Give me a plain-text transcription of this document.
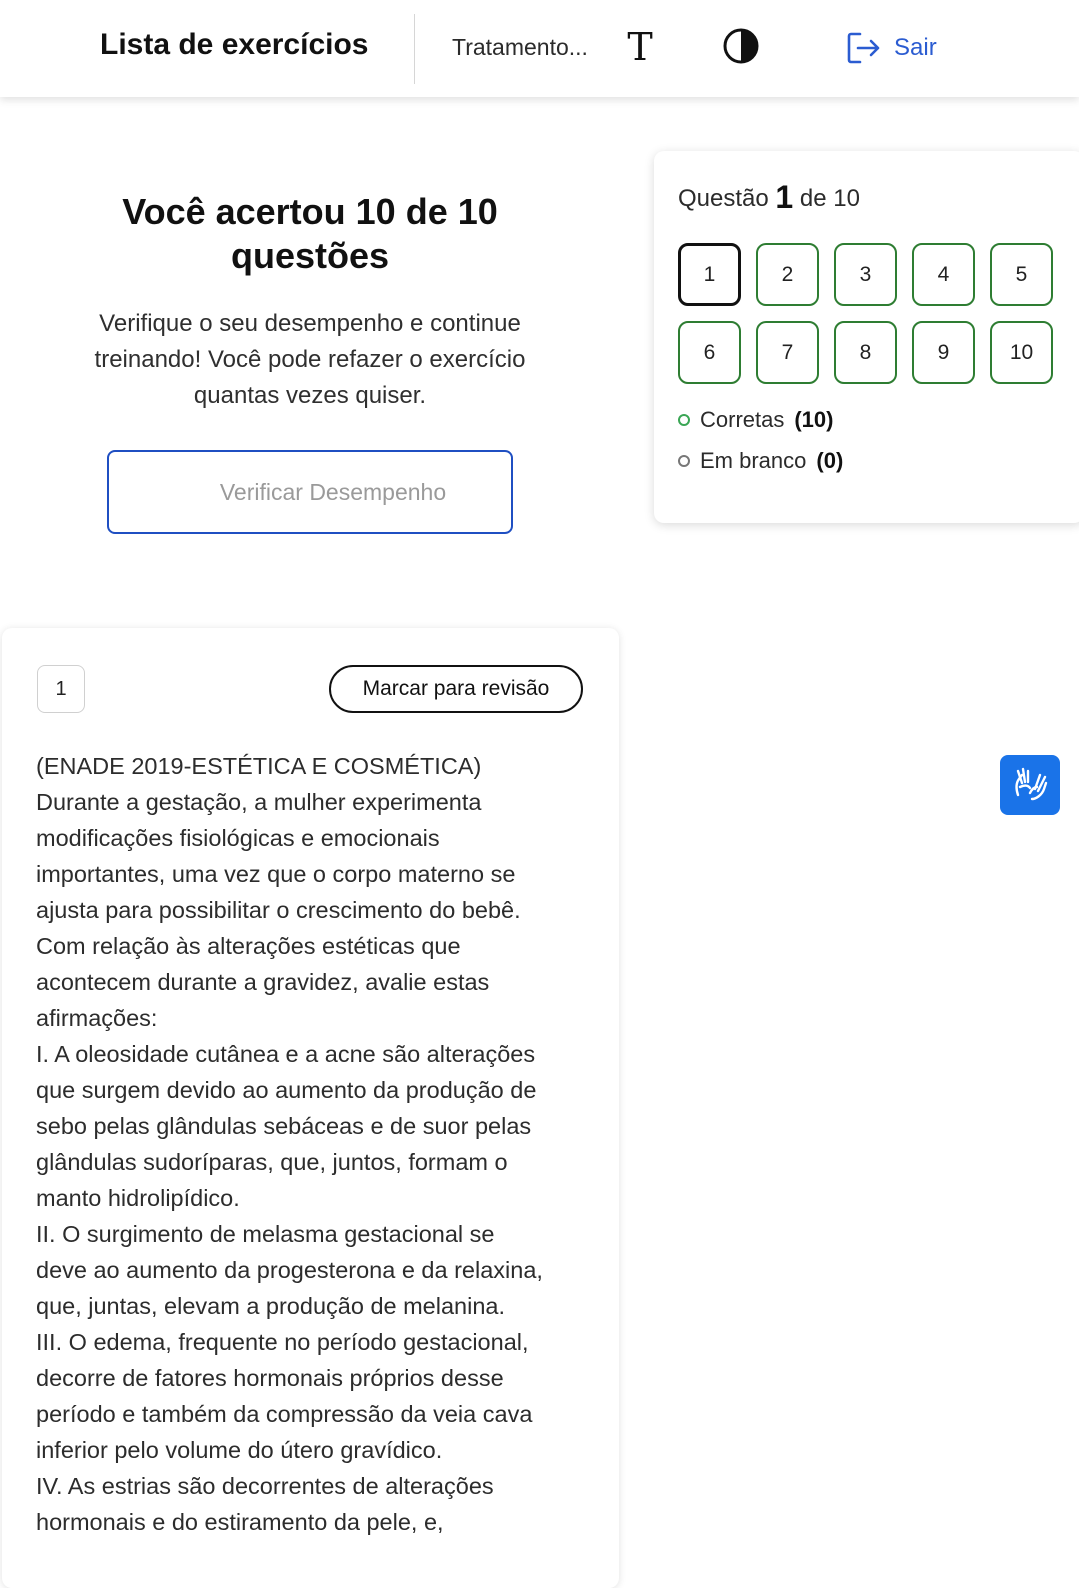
Lista de exercícios	Tratamento... T	Sair
Você acertou 10 de 10 questões
Verifique o seu desempenho e continue treinando! Você pode refazer o exercício quantas vezes quiser.
Verificar Desempenho
Questão 1 de 10
1	2	3	4	5
6	7	8	9	10
Corretas (10)
Em branco (0)
1	Marcar para revisão

(ENADE 2019-ESTÉTICA E COSMÉTICA)

Durante a gestação, a mulher experimenta

modificações fisiológicas e emocionais

importantes, uma vez que o corpo materno se

ajusta para possibilitar o crescimento do bebê.

Com relação às alterações estéticas que

acontecem durante a gravidez, avalie estas

afirmações:

I. A oleosidade cutânea e a acne são alterações

que surgem devido ao aumento da produção de

sebo pelas glândulas sebáceas e de suor pelas

glândulas sudoríparas, que, juntos, formam o

manto hidrolipídico.

II. O surgimento de melasma gestacional se

deve ao aumento da progesterona e da relaxina,

que, juntas, elevam a produção de melanina.

III. O edema, frequente no período gestacional,

decorre de fatores hormonais próprios desse

período e também da compressão da veia cava

inferior pelo volume do útero gravídico.

IV. As estrias são decorrentes de alterações

hormonais e do estiramento da pele, e,
